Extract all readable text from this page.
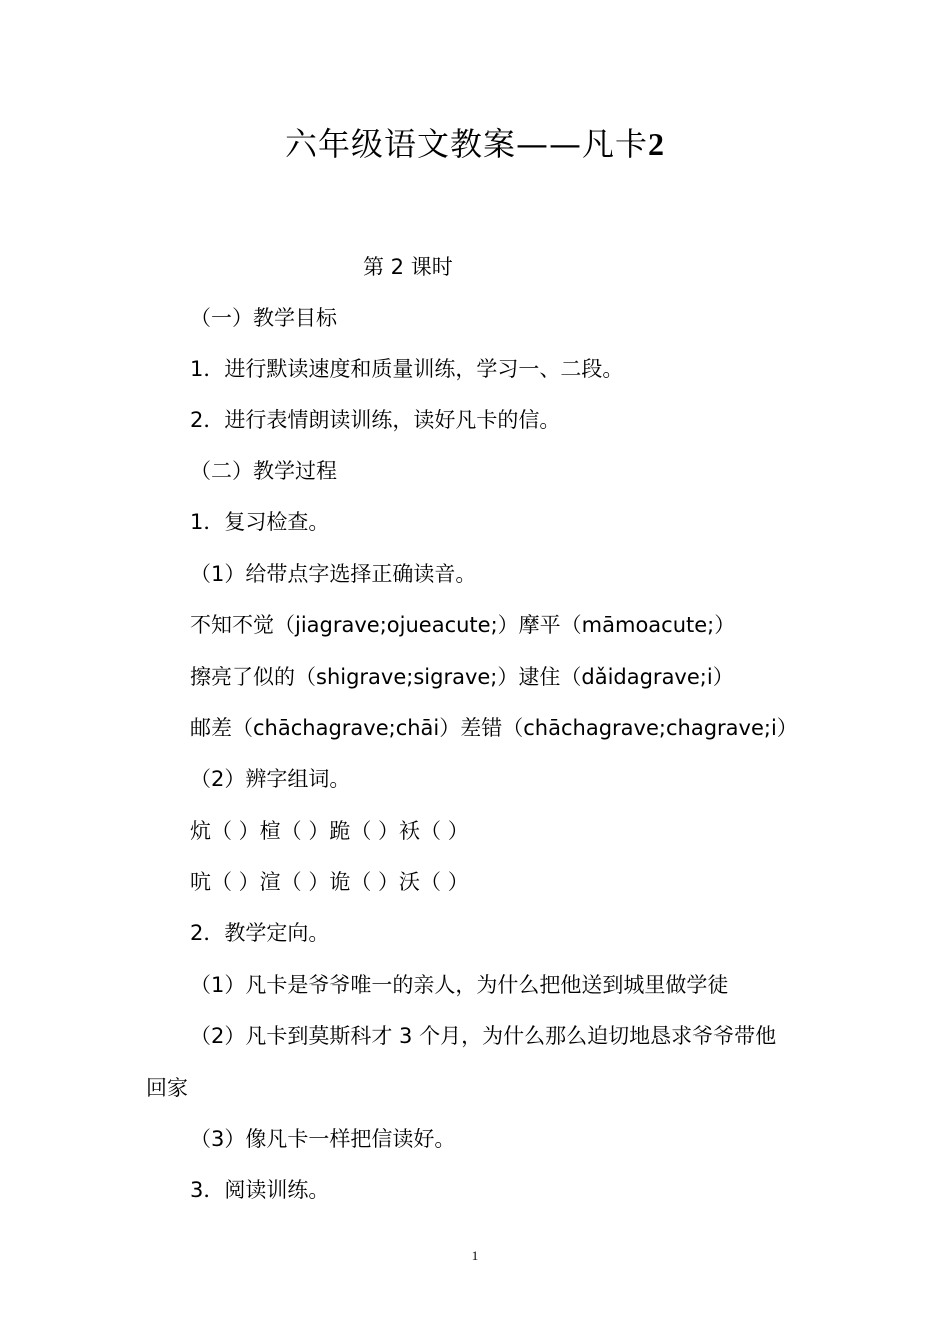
六年级语文教案——凡卡2
第 2 课时
（一）教学目标
1．进行默读速度和质量训练，学习一、二段。
2．进行表情朗读训练，读好凡卡的信。
（二）教学过程
1．复习检查。
（1）给带点字选择正确读音。
不知不觉（jiagrave;ojueacute;）摩平（māmoacute;）
擦亮了似的（shigrave;sigrave;）逮住（dǎidagrave;i）
邮差（chāchagrave;chāi）差错（chāchagrave;chagrave;i）
（2）辨字组词。
炕（ ）楦（ ）跪（ ）袄（ ）
吭（ ）渲（ ）诡（ ）沃（ ）
2．教学定向。
（1）凡卡是爷爷唯一的亲人，为什么把他送到城里做学徒
（2）凡卡到莫斯科才 3 个月，为什么那么迫切地恳求爷爷带他
回家
（3）像凡卡一样把信读好。
3．阅读训练。
1
